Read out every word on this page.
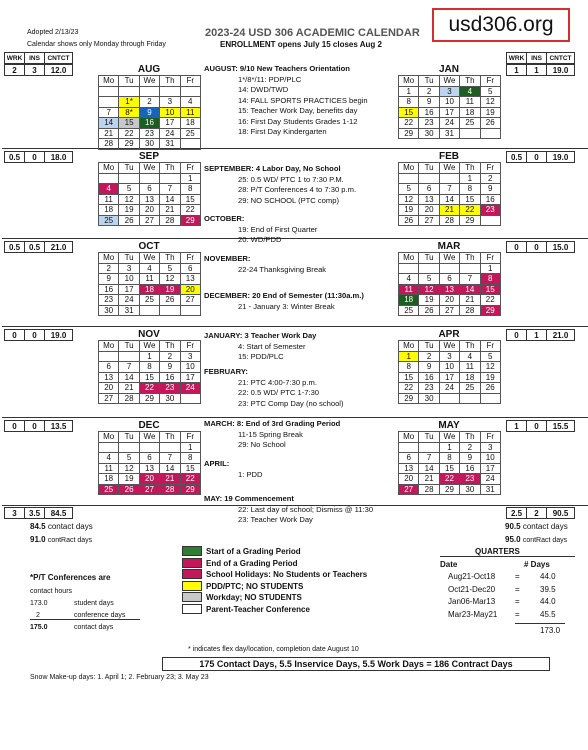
Adopted 2/13/23
Calendar shows only Monday through Friday
2023-24 USD 306 ACADEMIC CALENDAR
ENROLLMENT opens July 15 closes Aug 2
usd306.org
WRK	INS	CNTCT	WRK	INS	CNTCT
2	3	12.0	AUG
Mo	Tu	We	Th	Fr

	1*	2	3	4
7	8*	9	10	11
14	15	16	17	18
21	22	23	24	25
28	29	30	31	
0.5	0	18.0	SEP
Mo	Tu	We	Th	Fr
				1
4	5	6	7	8
11	12	13	14	15
18	19	20	21	22
25	26	27	28	29
0.5	0.5	21.0	OCT
Mo	Tu	We	Th	Fr
2	3	4	5	6
9	10	11	12	13
16	17	18	19	20
23	24	25	26	27
30	31			
0	0	19.0	NOV
Mo	Tu	We	Th	Fr
		1	2	3
6	7	8	9	10
13	14	15	16	17
20	21	22	23	24
27	28	29	30	
0	0	13.5	DEC
Mo	Tu	We	Th	Fr
				1
4	5	6	7	8
11	12	13	14	15
18	19	20	21	22
25	26	27	28	29
1	1	19.0
JAN
Mo	Tu	We	Th	Fr
1	2	3	4	5
8	9	10	11	12
15	16	17	18	19
22	23	24	25	26
29	30	31		
0.5	0	19.0
FEB
Mo	Tu	We	Th	Fr
			1	2
5	6	7	8	9
12	13	14	15	16
19	20	21	22	23
26	27	28	29	
0	0	15.0
MAR
Mo	Tu	We	Th	Fr
				1
4	5	6	7	8
11	12	13	14	15
18	19	20	21	22
25	26	27	28	29
0	1	21.0
APR
Mo	Tu	We	Th	Fr
1	2	3	4	5
8	9	10	11	12
15	16	17	18	19
22	23	24	25	26
29	30			
1	0	15.5
MAY
Mo	Tu	We	Th	Fr
		1	2	3
6	7	8	9	10
13	14	15	16	17
20	21	22	23	24
27	28	29	30	31
AUGUST: 9/10 New Teachers Orientation
1*/8*/11: PDP/PLC
14: DWD/TWD
14: FALL SPORTS PRACTICES begin
15: Teacher Work Day, benefits day
16: First Day Students Grades 1-12
18: First Day Kindergarten
SEPTEMBER: 4 Labor Day, No School
25: 0.5 WD/ PTC 1 to 7:30 P.M.
28: P/T Conferences 4 to 7:30 p.m.
29: NO SCHOOL (PTC comp)
OCTOBER:
19: End of First Quarter
20: WD/PDD
NOVEMBER:
22-24 Thanksgiving Break
DECEMBER: 20 End of Semester (11:30a.m.)
21 - January 3: Winter Break
JANUARY: 3 Teacher Work Day
4: Start of Semester
15: PDD/PLC
FEBRUARY:
21: PTC 4:00-7:30 p.m.
22: 0.5 WD/ PTC 1-7:30
23: PTC Comp Day (no school)
MARCH: 8: End of 3rd Grading Period
11-15 Spring Break
29: No School
APRIL:
1: PDD
MAY: 19 Commencement
22: Last day of school; Dismiss @ 11:30
23: Teacher Work Day
3	3.5	84.5	2.5	2	90.5
84.5 contact days
91.0 contRact days
90.5 contact days
95.0 contRact days
*P/T Conferences are
contact hours
173.0	student days
2	conference days
175.0	contact days
Start of a Grading Period
End of a Grading Period
School Holidays: No Students or Teachers
PDD/PTC; NO STUDENTS
Workday; NO STUDENTS
Parent-Teacher Conference
QUARTERS
Date	# Days
Aug21-Oct18 =	44.0
Oct21-Dec20 =	39.5
Jan06-Mar13 =	44.0
Mar23-May21 =	45.5
173.0
* indicates flex day/location, completion date August 10
175 Contact Days, 5.5 Inservice Days, 5.5 Work Days = 186 Contract Days
Snow Make-up days: 1. April 1; 2. February 23; 3. May 23
